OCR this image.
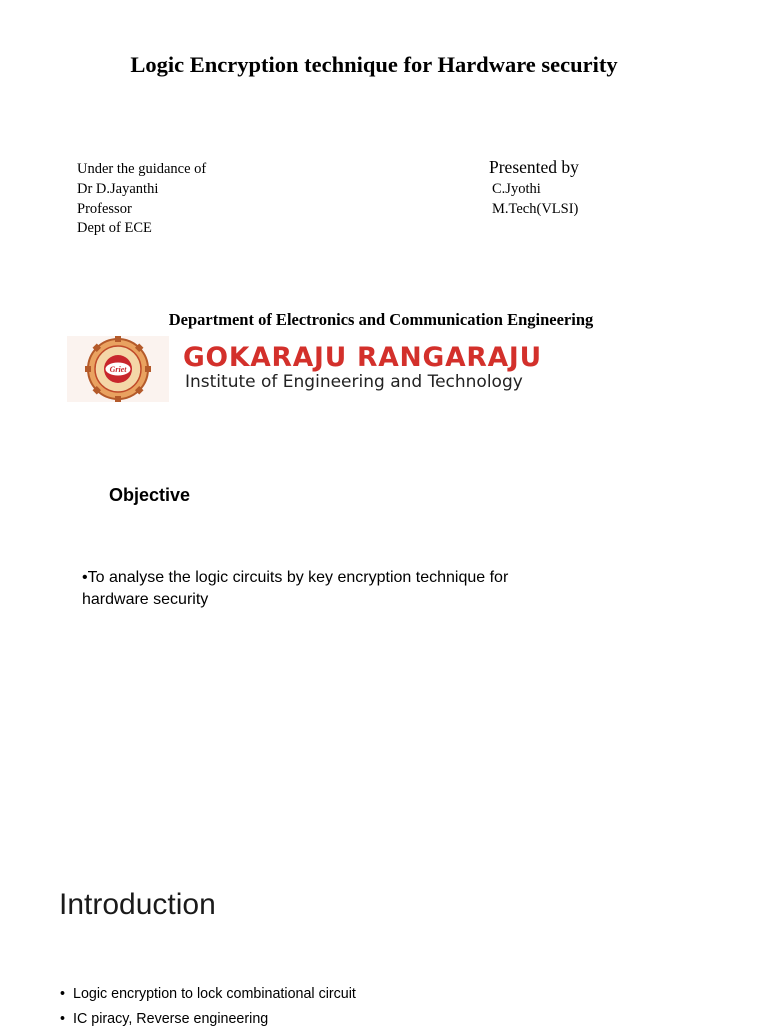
Logic Encryption technique for Hardware security
Under the guidance of
Dr D.Jayanthi
Professor
Dept of ECE
Presented by
C.Jyothi
M.Tech(VLSI)
Department of Electronics and Communication Engineering
Griet GOKARAJU RANGARAJU
Institute of Engineering and Technology
Objective

•To analyse the logic circuits by key encryption technique for hardware security

Introduction
• Logic encryption to lock combinational circuit
• IC piracy, Reverse engineering
